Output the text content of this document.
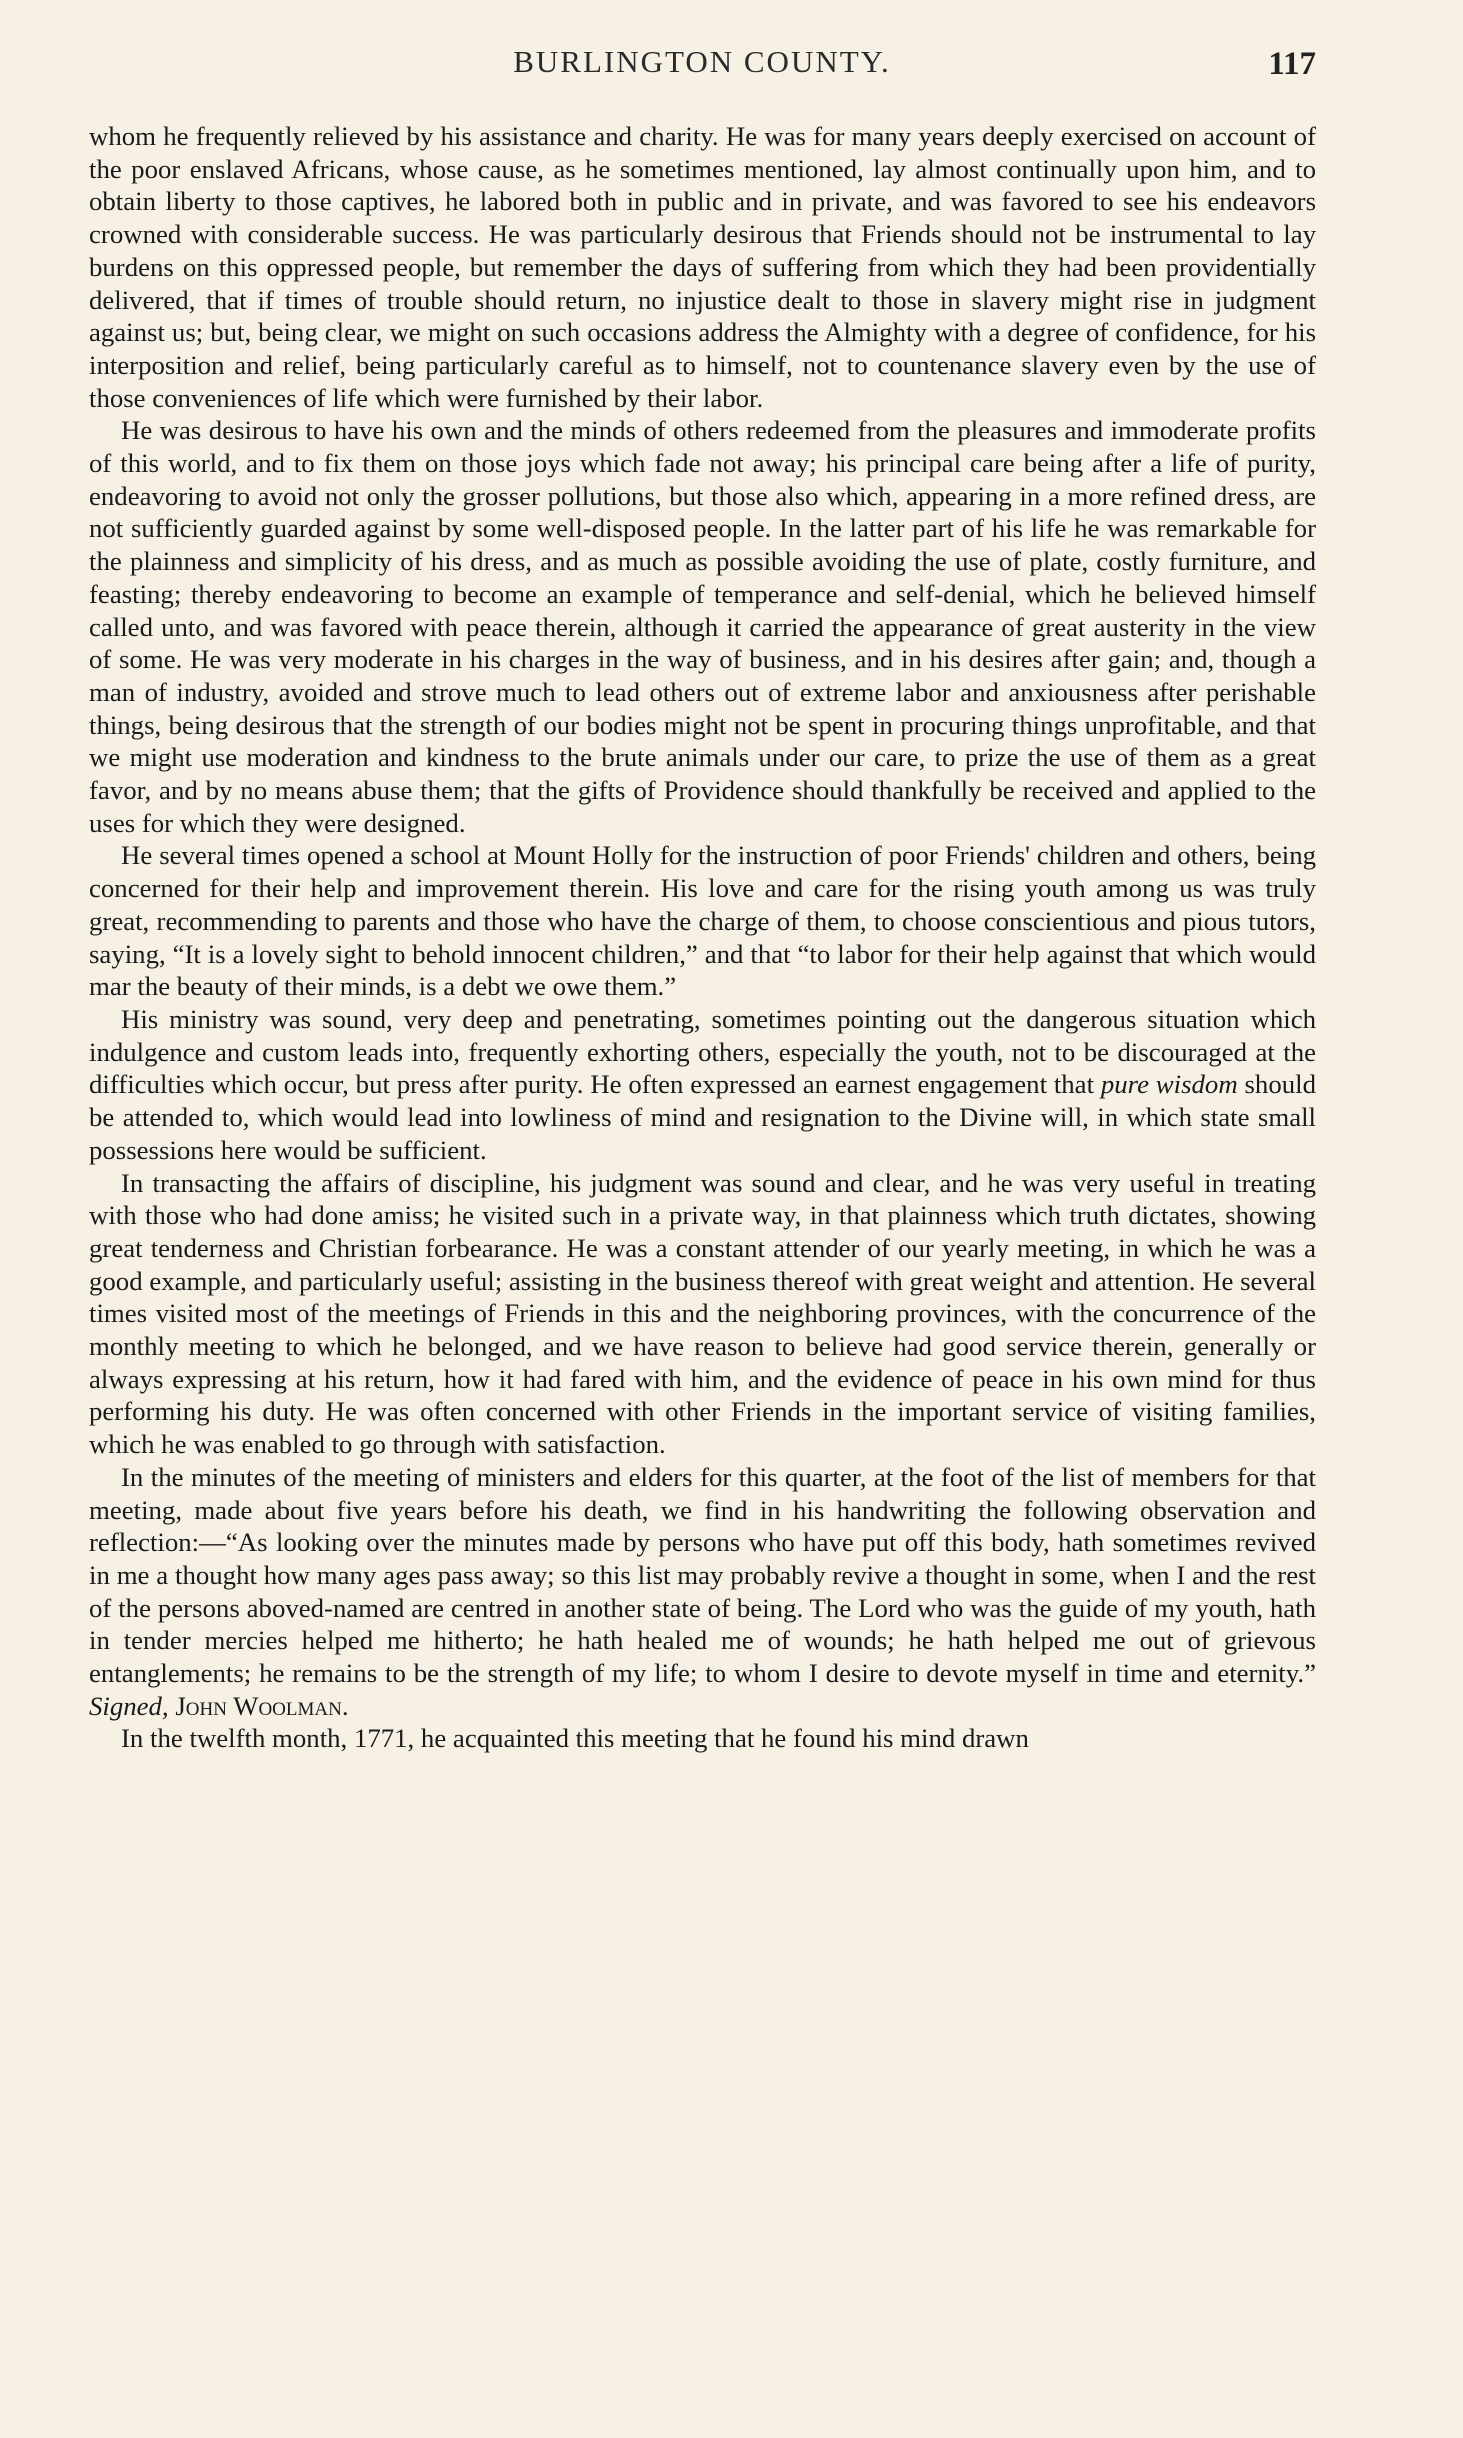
BURLINGTON COUNTY.	117

whom he frequently relieved by his assistance and charity. He was for many years deeply exercised on account of the poor enslaved Africans, whose cause, as he sometimes mentioned, lay almost continually upon him, and to obtain liberty to those captives, he labored both in public and in private, and was favored to see his endeavors crowned with considerable success. He was particularly desirous that Friends should not be instrumental to lay burdens on this oppressed people, but remember the days of suffering from which they had been providentially delivered, that if times of trouble should return, no injustice dealt to those in slavery might rise in judgment against us; but, being clear, we might on such occasions address the Almighty with a degree of confidence, for his interposition and relief, being particularly careful as to himself, not to countenance slavery even by the use of those conveniences of life which were furnished by their labor.

He was desirous to have his own and the minds of others redeemed from the pleasures and immoderate profits of this world, and to fix them on those joys which fade not away; his principal care being after a life of purity, endeavoring to avoid not only the grosser pollutions, but those also which, appearing in a more refined dress, are not sufficiently guarded against by some well-disposed people. In the latter part of his life he was remarkable for the plainness and simplicity of his dress, and as much as possible avoiding the use of plate, costly furniture, and feasting; thereby endeavoring to become an example of temperance and self-denial, which he believed himself called unto, and was favored with peace therein, although it carried the appearance of great austerity in the view of some. He was very moderate in his charges in the way of business, and in his desires after gain; and, though a man of industry, avoided and strove much to lead others out of extreme labor and anxiousness after perishable things, being desirous that the strength of our bodies might not be spent in procuring things unprofitable, and that we might use moderation and kindness to the brute animals under our care, to prize the use of them as a great favor, and by no means abuse them; that the gifts of Providence should thankfully be received and applied to the uses for which they were designed.

He several times opened a school at Mount Holly for the instruction of poor Friends' children and others, being concerned for their help and improvement therein. His love and care for the rising youth among us was truly great, recommending to parents and those who have the charge of them, to choose conscientious and pious tutors, saying, “It is a lovely sight to behold innocent children,” and that “to labor for their help against that which would mar the beauty of their minds, is a debt we owe them.”

His ministry was sound, very deep and penetrating, sometimes pointing out the dangerous situation which indulgence and custom leads into, frequently exhorting others, especially the youth, not to be discouraged at the difficulties which occur, but press after purity. He often expressed an earnest engagement that pure wisdom should be attended to, which would lead into lowliness of mind and resignation to the Divine will, in which state small possessions here would be sufficient.

In transacting the affairs of discipline, his judgment was sound and clear, and he was very useful in treating with those who had done amiss; he visited such in a private way, in that plainness which truth dictates, showing great tenderness and Christian forbearance. He was a constant attender of our yearly meeting, in which he was a good example, and particularly useful; assisting in the business thereof with great weight and attention. He several times visited most of the meetings of Friends in this and the neighboring provinces, with the concurrence of the monthly meeting to which he belonged, and we have reason to believe had good service therein, generally or always expressing at his return, how it had fared with him, and the evidence of peace in his own mind for thus performing his duty. He was often concerned with other Friends in the important service of visiting families, which he was enabled to go through with satisfaction.

In the minutes of the meeting of ministers and elders for this quarter, at the foot of the list of members for that meeting, made about five years before his death, we find in his handwriting the following observation and reflection:—“As looking over the minutes made by persons who have put off this body, hath sometimes revived in me a thought how many ages pass away; so this list may probably revive a thought in some, when I and the rest of the persons aboved-named are centred in another state of being. The Lord who was the guide of my youth, hath in tender mercies helped me hitherto; he hath healed me of wounds; he hath helped me out of grievous entanglements; he remains to be the strength of my life; to whom I desire to devote myself in time and eternity.” Signed, John Woolman.

In the twelfth month, 1771, he acquainted this meeting that he found his mind drawn
